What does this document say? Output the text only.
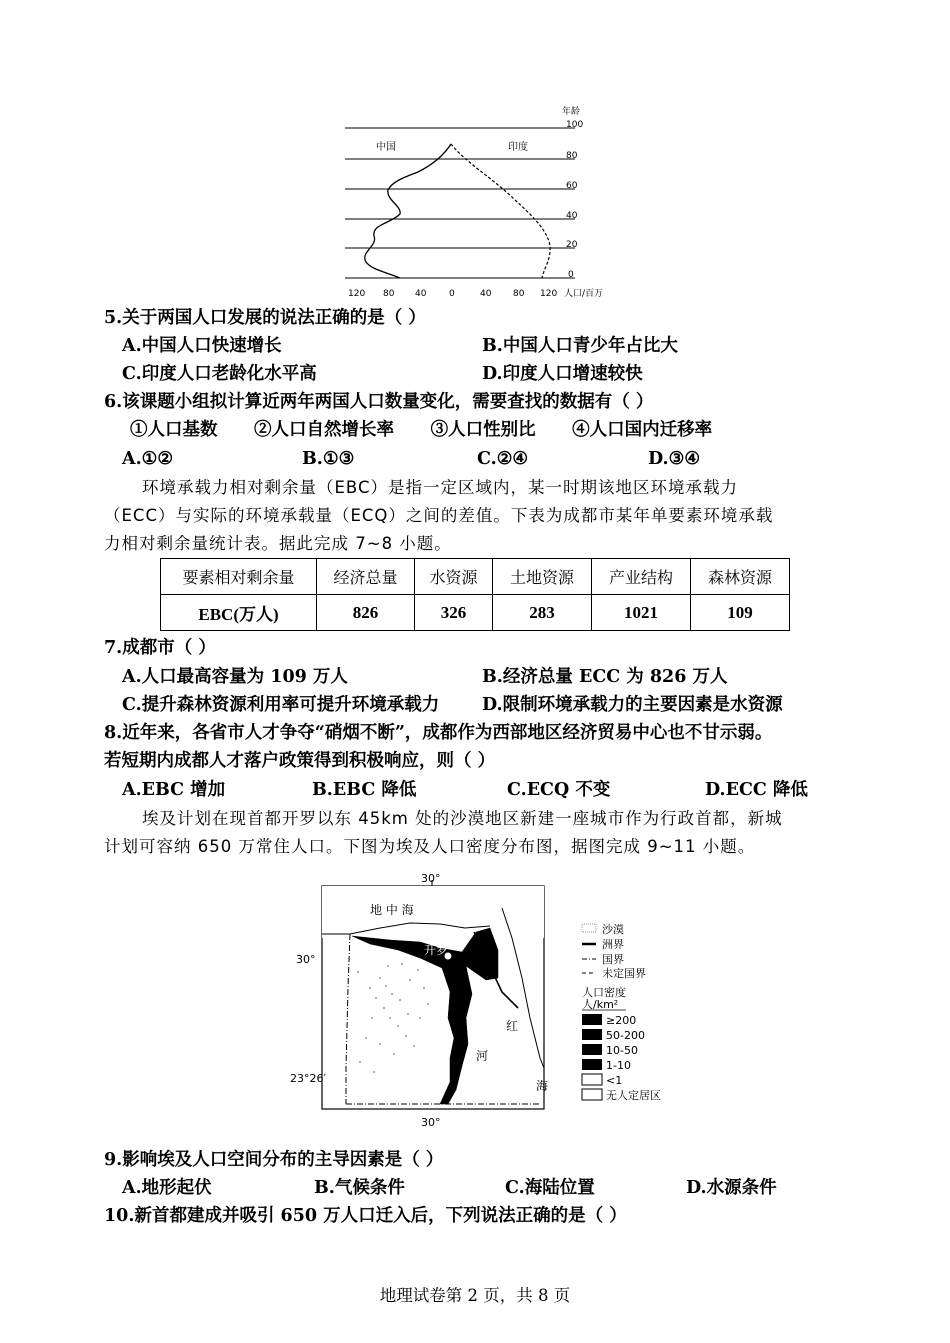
年龄
100
80
60
40
20
0
中国	印度
120 80 40	0	40 80 120 人口/百万
5.关于两国人口发展的说法正确的是（ ）
A.中国人口快速增长	B.中国人口青少年占比大
C.印度人口老龄化水平高	D.印度人口增速较快
6.该课题小组拟计算近两年两国人口数量变化，需要查找的数据有（ ）
①人口基数      ②人口自然增长率      ③人口性别比      ④人口国内迁移率
A.①②	B.①③	C.②④	D.③④
环境承载力相对剩余量（EBC）是指一定区域内，某一时期该地区环境承载力
（ECC）与实际的环境承载量（ECQ）之间的差值。下表为成都市某年单要素环境承载
力相对剩余量统计表。据此完成 7~8 小题。
要素相对剩余量	经济总量	水资源	土地资源	产业结构	森林资源
EBC(万人)	826	326	283	1021	109
7.成都市（ ）
A.人口最高容量为 109 万人	B.经济总量 ECC 为 826 万人
C.提升森林资源利用率可提升环境承载力 D.限制环境承载力的主要因素是水资源
8.近年来，各省市人才争夺“硝烟不断”，成都作为西部地区经济贸易中心也不甘示弱。
若短期内成都人才落户政策得到积极响应，则（ ）
A.EBC 增加	B.EBC 降低	C.ECQ 不变	D.ECC 降低
埃及计划在现首都开罗以东 45km 处的沙漠地区新建一座城市作为行政首都，新城
计划可容纳 650 万常住人口。下图为埃及人口密度分布图，据图完成 9~11 小题。
30°
30°
30°
23°26′
开罗
地 中 海
尼
罗
河
红
海
沙漠
洲界
国界
未定国界
人口密度
人/km²
≥200
50-200
10-50
1-10
<1
无人定居区
9.影响埃及人口空间分布的主导因素是（ ）
A.地形起伏	B.气候条件	C.海陆位置	D.水源条件
10.新首都建成并吸引 650 万人口迁入后，下列说法正确的是（ ）
地理试卷第 2 页，共 8 页
